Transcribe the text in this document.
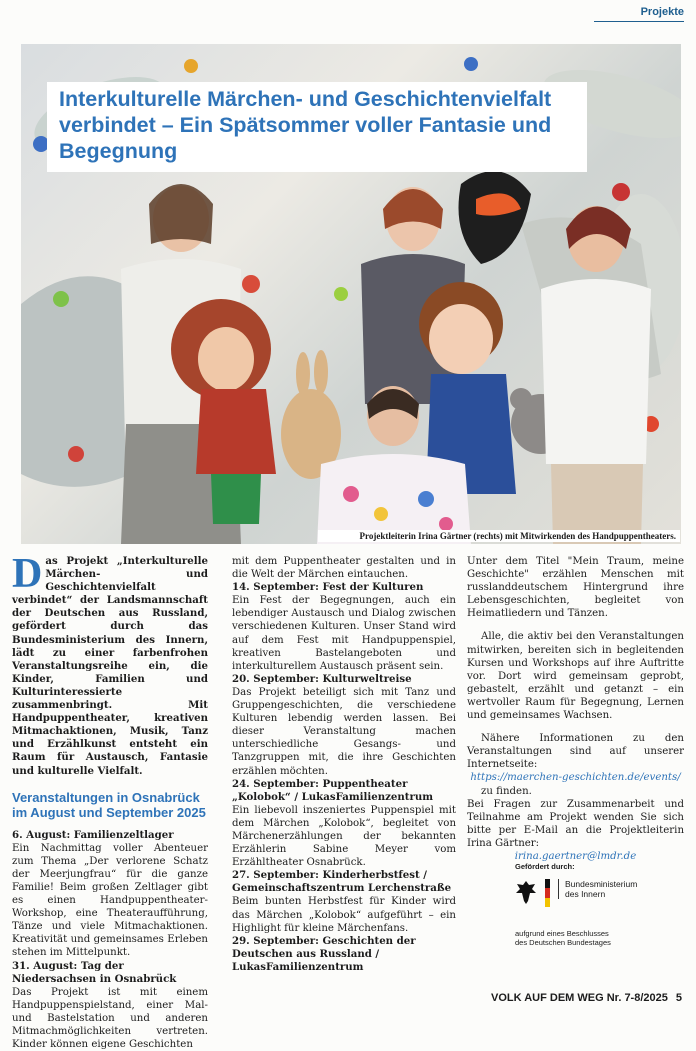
Projekte
Interkulturelle Märchen- und Geschichtenvielfalt verbindet – Ein Spätsommer voller Fantasie und Begegnung
Projektleiterin Irina Gärtner (rechts) mit Mitwirkenden des Handpuppentheaters.

Das Projekt „Interkulturelle Märchen- und Geschichtenvielfalt verbindet“ der Landsmannschaft der Deutschen aus Russland, gefördert durch das Bundesministerium des Innern, lädt zu einer farbenfrohen Veranstaltungsreihe ein, die Kinder, Familien und Kulturinteressierte zusammenbringt. Mit Handpuppentheater, kreativen Mitmachaktionen, Musik, Tanz und Erzählkunst entsteht ein Raum für Austausch, Fantasie und kulturelle Vielfalt.

Veranstaltungen in Osnabrück im August und September 2025

6. August: Familienzeltlager

Ein Nachmittag voller Abenteuer zum Thema „Der verlorene Schatz der Meerjungfrau“ für die ganze Familie! Beim großen Zeltlager gibt es einen Handpuppentheater-Workshop, eine Theateraufführung, Tänze und viele Mitmachaktionen. Kreativität und gemeinsames Erleben stehen im Mittelpunkt.

31. August: Tag der Niedersachsen in Osnabrück

Das Projekt ist mit einem Handpuppenspielstand, einer Mal- und Bastelstation und anderen Mitmachmöglichkeiten vertreten. Kinder können eigene Geschichten

mit dem Puppentheater gestalten und in die Welt der Märchen eintauchen.

14. September: Fest der Kulturen

Ein Fest der Begegnungen, auch ein lebendiger Austausch und Dialog zwischen verschiedenen Kulturen. Unser Stand wird auf dem Fest mit Handpuppenspiel, kreativen Bastelangeboten und interkulturellem Austausch präsent sein.

20. September: Kulturweltreise

Das Projekt beteiligt sich mit Tanz und Gruppengeschichten, die verschiedene Kulturen lebendig werden lassen. Bei dieser Veranstaltung machen unterschiedliche Gesangs- und Tanzgruppen mit, die ihre Geschichten erzählen möchten.

24. September: Puppentheater „Kolobok“ / LukasFamilienzentrum

Ein liebevoll inszeniertes Puppenspiel mit dem Märchen „Kolobok“, begleitet von Märchenerzählungen der bekannten Erzählerin Sabine Meyer vom Erzähltheater Osnabrück.

27. September: Kinderherbstfest / Gemeinschaftszentrum Lerchenstraße

Beim bunten Herbstfest für Kinder wird das Märchen „Kolobok“ aufgeführt – ein Highlight für kleine Märchenfans.

29. September: Geschichten der Deutschen aus Russland / LukasFamilienzentrum

Unter dem Titel "Mein Traum, meine Geschichte" erzählen Menschen mit russlanddeutschem Hintergrund ihre Lebensgeschichten, begleitet von Heimatliedern und Tänzen.

Alle, die aktiv bei den Veranstaltungen mitwirken, bereiten sich in begleitenden Kursen und Workshops auf ihre Auftritte vor. Dort wird gemeinsam geprobt, gebastelt, erzählt und getanzt – ein wertvoller Raum für Begegnung, Lernen und gemeinsames Wachsen.

Nähere Informationen zu den Veranstaltungen sind auf unserer Internetseite:

https://maerchen-geschichten.de/events/

zu finden.

Bei Fragen zur Zusammenarbeit und Teilnahme am Projekt wenden Sie sich bitte per E-Mail an die Projektleiterin Irina Gärtner:

irina.gaertner@lmdr.de

Gefördert durch:
Bundesministerium
des Innern
aufgrund eines Beschlusses
des Deutschen Bundestages
VOLK AUF DEM WEG Nr. 7-8/2025 5
